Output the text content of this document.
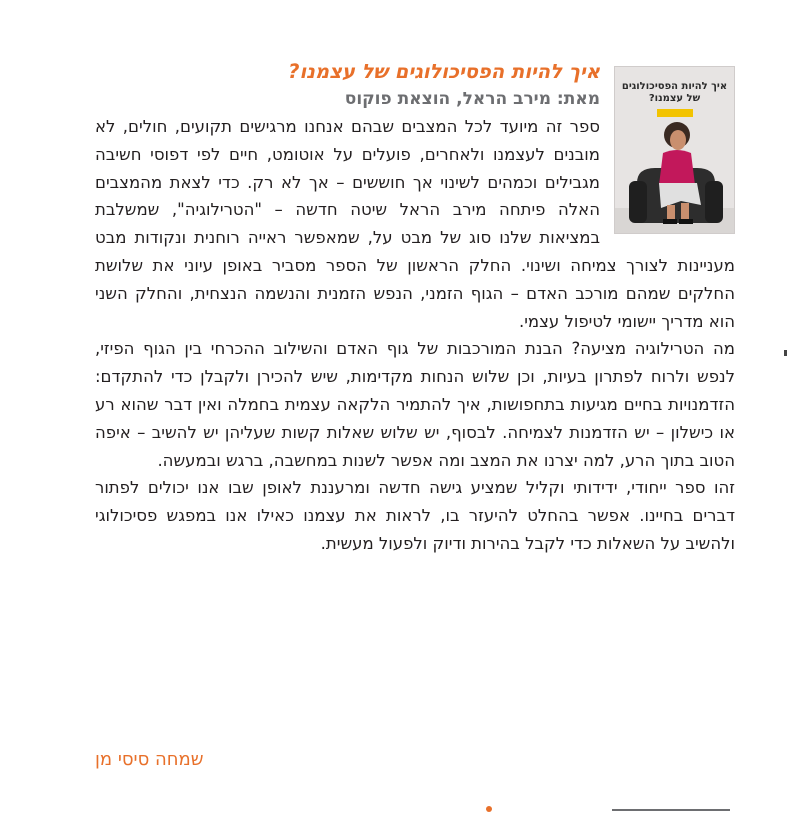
איך להיות הפסיכולוגים של עצמנו?
איך להיות הפסיכולוגים של עצמנו?

מאת: מירב הראל, הוצאת פוקוס

ספר זה מיועד לכל המצבים שבהם אנחנו מרגישים תקועים, חולים, לא מובנים לעצמנו ולאחרים, פועלים על אוטומט, חיים לפי דפוסי חשיבה מגבילים וכמהים לשינוי אך חוששים – אך לא רק. כדי לצאת מהמצבים האלה פיתחה מירב הראל שיטה חדשה – "הטרילוגיה", שמשלבת במציאות שלנו סוג של מבט על, שמאפשר ראייה רוחנית ונקודות מבט מעניינות לצורך צמיחה ושינוי. החלק הראשון של הספר מסביר באופן עיוני את שלושת החלקים שמהם מורכב האדם – הגוף הזמני, הנפש הזמנית והנשמה הנצחית, והחלק השני הוא מדריך יישומי לטיפול עצמי.

מה הטרילוגיה מציעה? הבנת המורכבות של גוף האדם והשילוב ההכרחי בין הגוף הפיזי, לנפש ולרוח לפתרון בעיות, וכן שלוש הנחות מקדימות, שיש להכירן ולקבלן כדי להתקדם: הזדמנויות בחיים מגיעות בתחפושות, איך להתמיר הלקאה עצמית בחמלה ואין דבר שהוא רע או כישלון – יש הזדמנות לצמיחה. לבסוף, יש שלוש שאלות קשות שעליהן יש להשיב – איפה הטוב בתוך הרע, למה יצרנו את המצב ומה אפשר לשנות במחשבה, ברגש ובמעשה.

זהו ספר ייחודי, ידידותי וקליל שמציע גישה חדשה ומרעננת לאופן שבו אנו יכולים לפתור דברים בחיינו. אפשר בהחלט להיעזר בו, לראות את עצמנו כאילו אנו במפגש פסיכולוגי ולהשיב על השאלות כדי לקבל בהירות ודיוק ולפעול מעשית.

שמחה סיסי מן
